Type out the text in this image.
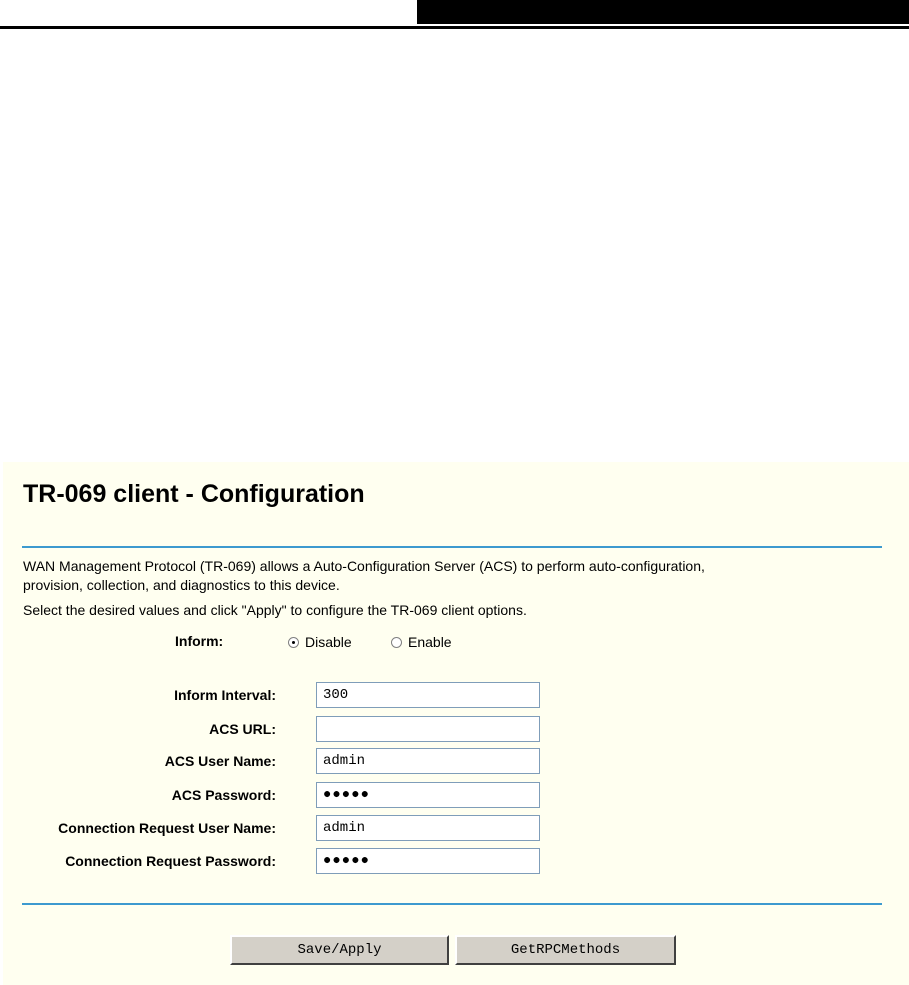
TR-069 client - Configuration
WAN Management Protocol (TR-069) allows a Auto-Configuration Server (ACS) to perform auto-configuration,
provision, collection, and diagnostics to this device.
Select the desired values and click "Apply" to configure the TR-069 client options.
Inform:	Disable	Enable
Inform Interval:	300
ACS URL:
ACS User Name:	admin
ACS Password:	●●●●●
Connection Request User Name:	admin
Connection Request Password:	●●●●●
Save/Apply	GetRPCMethods
